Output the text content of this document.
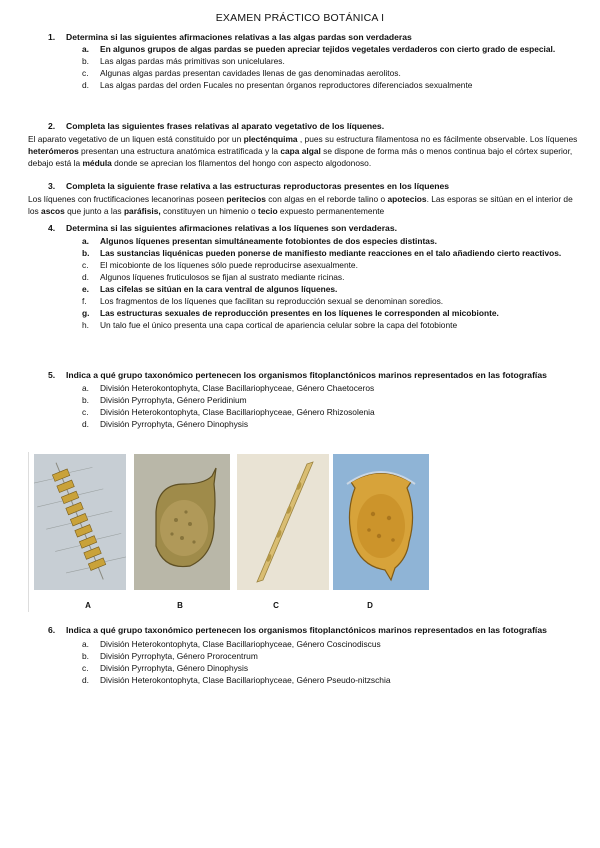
EXAMEN PRÁCTICO BOTÁNICA I
1. Determina si las siguientes afirmaciones relativas a las algas pardas son verdaderas
a.	En algunos grupos de algas pardas se pueden apreciar tejidos vegetales verdaderos con cierto grado de especial.
b.	Las algas pardas más primitivas son unicelulares.
c.	Algunas algas pardas presentan cavidades llenas de gas denominadas aerolitos.
d.	Las algas pardas del orden Fucales no presentan órganos reproductores diferenciados sexualmente
2. Completa las siguientes frases relativas al aparato vegetativo de los líquenes.
El aparato vegetativo de un liquen está constituido por un plecténquima , pues su estructura filamentosa no es fácilmente observable. Los líquenes heterómeros presentan una estructura anatómica estratificada y la capa algal se dispone de forma más o menos continua bajo el córtex superior, debajo está la médula donde se aprecian los filamentos del hongo con aspecto algodonoso.
3. Completa la siguiente frase relativa a las estructuras reproductoras presentes en los líquenes
Los líquenes con fructificaciones lecanorinas poseen peritecios con algas en el reborde talino o apotecios. Las esporas se sitúan en el interior de los ascos que junto a las paráfisis, constituyen un himenio o tecio expuesto permanentemente
4. Determina si las siguientes afirmaciones relativas a los líquenes son verdaderas.
a.	Algunos líquenes presentan simultáneamente fotobiontes de dos especies distintas.
b.	Las sustancias liquénicas pueden ponerse de manifiesto mediante reacciones en el talo añadiendo cierto reactivos.
c.	El micobionte de los líquenes sólo puede reproducirse asexualmente.
d.	Algunos líquenes fruticulosos se fijan al sustrato mediante ricinas.
e.	Las cifelas se sitúan en la cara ventral de algunos líquenes.
f.	Los fragmentos de los líquenes que facilitan su reproducción sexual se denominan soredios.
g.	Las estructuras sexuales de reproducción presentes en los líquenes le corresponden al micobionte.
h.	Un talo fue el único presenta una capa cortical de apariencia celular sobre la capa del fotobionte
5. Indica a qué grupo taxonómico pertenecen los organismos fitoplanctónicos marinos representados en las fotografías
a.	División Heterokontophyta, Clase Bacillariophyceae, Género Chaetoceros
b.	División Pyrrophyta, Género Peridinium
c.	División Heterokontophyta, Clase Bacillariophyceae, Género Rhizosolenia
d.	División Pyrrophyta, Género Dinophysis
A	B	C	D
6. Indica a qué grupo taxonómico pertenecen los organismos fitoplanctónicos marinos representados en las fotografías
a.	División Heterokontophyta, Clase Bacillariophyceae, Género Coscinodiscus
b.	División Pyrrophyta, Género Prorocentrum
c.	División Pyrrophyta, Género Dinophysis
d.	División Heterokontophyta, Clase Bacillariophyceae, Género Pseudo-nitzschia
